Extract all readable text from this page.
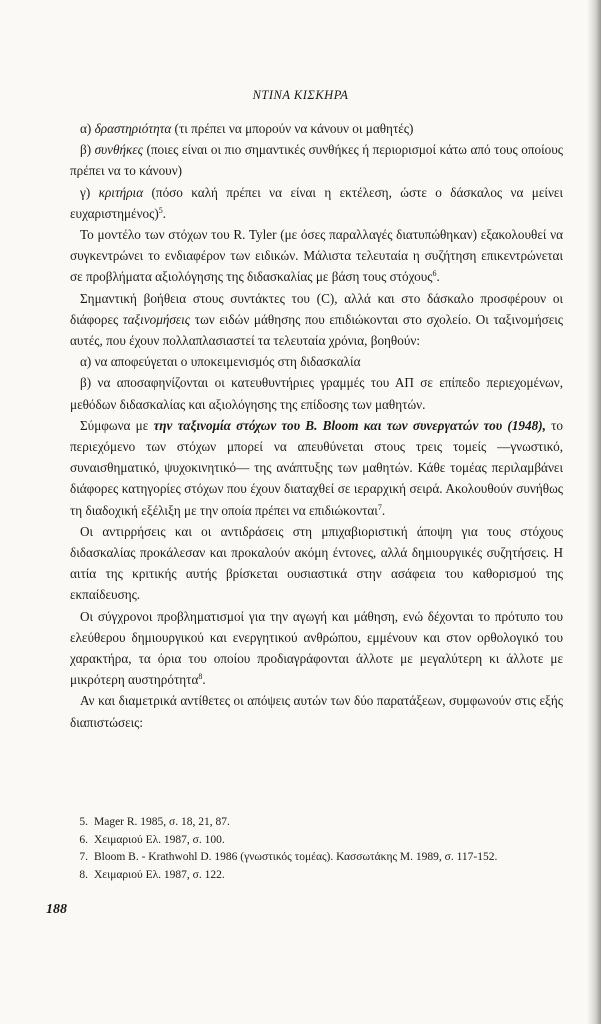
ΝΤΙΝΑ ΚΙΣΚΗΡΑ

α) δραστηριότητα (τι πρέπει να μπορούν να κάνουν οι μαθητές)

β) συνθήκες (ποιες είναι οι πιο σημαντικές συνθήκες ή περιορισμοί κάτω από τους οποίους πρέπει να το κάνουν)

γ) κριτήρια (πόσο καλή πρέπει να είναι η εκτέλεση, ώστε ο δάσκαλος να μείνει ευχαριστημένος)$^5$.

Το μοντέλο των στόχων του R. Tyler (με όσες παραλλαγές διατυπώθηκαν) εξακολουθεί να συγκεντρώνει το ενδιαφέρον των ειδικών. Μάλιστα τελευταία η συζήτηση επικεντρώνεται σε προβλήματα αξιολόγησης της διδασκαλίας με βάση τους στόχους$^6$.

Σημαντική βοήθεια στους συντάκτες του (C), αλλά και στο δάσκαλο προσφέρουν οι διάφορες ταξινομήσεις των ειδών μάθησης που επιδιώκονται στο σχολείο. Οι ταξινομήσεις αυτές, που έχουν πολλαπλασιαστεί τα τελευταία χρόνια, βοηθούν:

α) να αποφεύγεται ο υποκειμενισμός στη διδασκαλία

β) να αποσαφηνίζονται οι κατευθυντήριες γραμμές του ΑΠ σε επίπεδο περιεχομένων, μεθόδων διδασκαλίας και αξιολόγησης της επίδοσης των μαθητών.

Σύμφωνα με την ταξινομία στόχων του B. Bloom και των συνεργατών του (1948), το περιεχόμενο των στόχων μπορεί να απευθύνεται στους τρεις τομείς —γνωστικό, συναισθηματικό, ψυχοκινητικό— της ανάπτυξης των μαθητών. Κάθε τομέας περιλαμβάνει διάφορες κατηγορίες στόχων που έχουν διαταχθεί σε ιεραρχική σειρά. Ακολουθούν συνήθως τη διαδοχική εξέλιξη με την οποία πρέπει να επιδιώκονται$^7$.

Οι αντιρρήσεις και οι αντιδράσεις στη μπιχαβιοριστική άποψη για τους στόχους διδασκαλίας προκάλεσαν και προκαλούν ακόμη έντονες, αλλά δημιουργικές συζητήσεις. Η αιτία της κριτικής αυτής βρίσκεται ουσιαστικά στην ασάφεια του καθορισμού της εκπαίδευσης.

Οι σύγχρονοι προβληματισμοί για την αγωγή και μάθηση, ενώ δέχονται το πρότυπο του ελεύθερου δημιουργικού και ενεργητικού ανθρώπου, εμμένουν και στον ορθολογικό του χαρακτήρα, τα όρια του οποίου προδιαγράφονται άλλοτε με μεγαλύτερη κι άλλοτε με μικρότερη αυστηρότητα$^8$.

Αν και διαμετρικά αντίθετες οι απόψεις αυτών των δύο παρατάξεων, συμφωνούν στις εξής διαπιστώσεις:

5. Mager R. 1985, σ. 18, 21, 87.
6. Χειμαριού Ελ. 1987, σ. 100.
7. Bloom B. - Krathwohl D. 1986 (γνωστικός τομέας). Κασσωτάκης Μ. 1989, σ. 117-152.
8. Χειμαριού Ελ. 1987, σ. 122.
188
